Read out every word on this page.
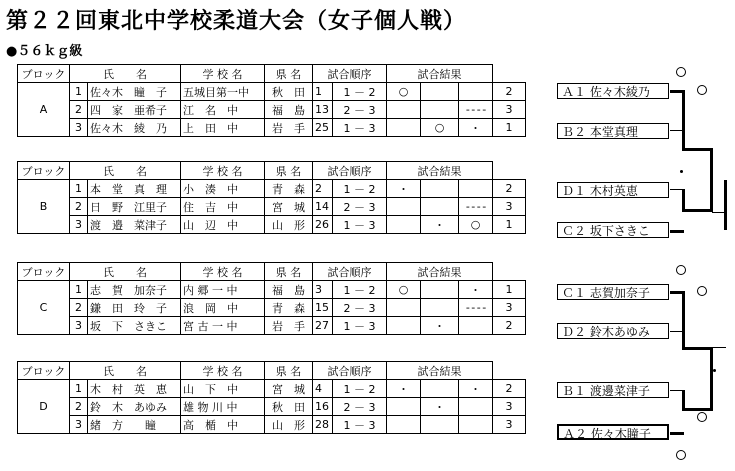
第２２回東北中学校柔道大会（女子個人戦）
●５６ｋｇ級
ブロック	氏　　名		学 校 名	県 名	試合順序		試合結果			
A	1	佐々木　瞳　子	五城目第一中	秋　田	1	1 － 2	○			2
	2	四　家　亜希子	江　名　中	福　島	13	2 － 3			- - - -	3
	3	佐々木　綾　乃	上　田　中	岩　手	25	1 － 3		○	・	1
ブロック	氏　　名		学 校 名	県 名	試合順序		試合結果			
B	1	本　堂　真　理	小　湊　中	青　森	2	1 － 2	・			2
	2	日　野　江里子	住　吉　中	宮　城	14	2 － 3			- - - -	3
	3	渡　邉　菜津子	山　辺　中	山　形	26	1 － 3		・	○	1
ブロック	氏　　名		学 校 名	県 名	試合順序		試合結果			
C	1	志　賀　加奈子	内 郷 一 中	福　島	3	1 － 2	○		・	1
	2	鎌　田　玲　子	浪　岡　中	青　森	15	2 － 3			- - - -	3
	3	坂　下　さきこ	宮 古 一 中	岩　手	27	1 － 3		・		2
ブロック	氏　　名		学 校 名	県 名	試合順序		試合結果			
D	1	木　村　英　恵	山　下　中	宮　城	4	1 － 2	・		・	2
	2	鈴　木　あゆみ	雄 物 川 中	秋　田	16	2 － 3		・		3
	3	緒　方　　瞳	高　楯　中	山　形	28	1 － 3				3
Ａ１ 佐々木綾乃
Ｂ２ 本堂真理
Ｄ１ 木村英恵
Ｃ２ 坂下さきこ
Ｃ１ 志賀加奈子
Ｄ２ 鈴木あゆみ
Ｂ１ 渡邊菜津子
Ａ２ 佐々木瞳子
